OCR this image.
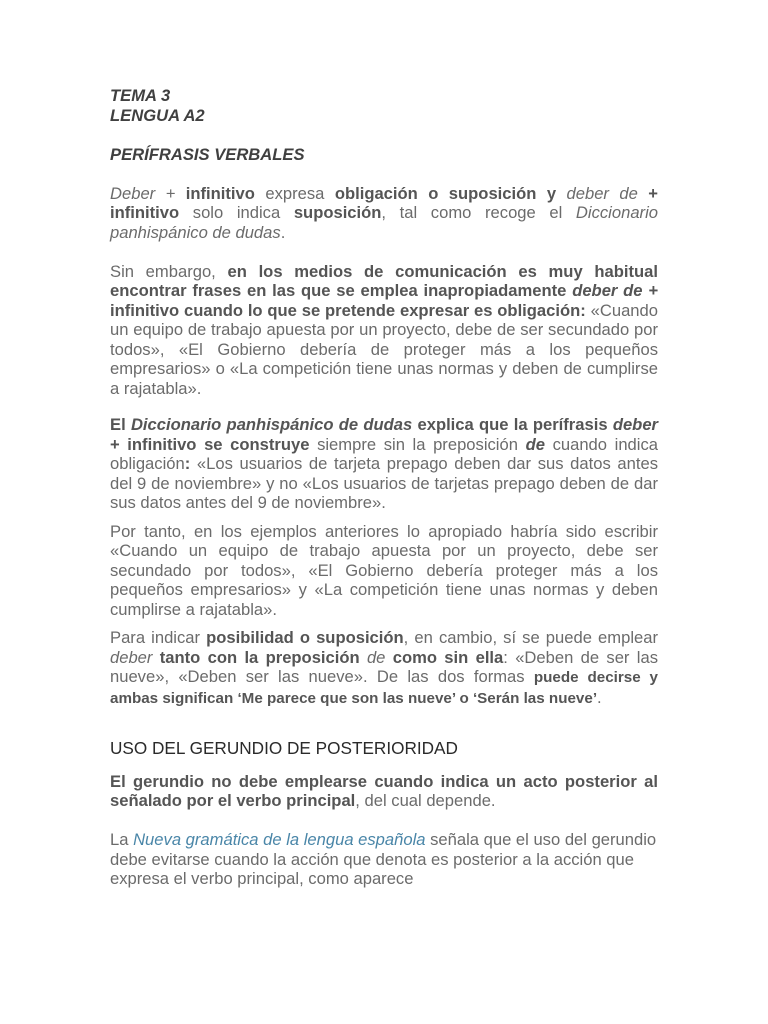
TEMA 3

LENGUA A2

PERÍFRASIS VERBALES

Deber + infinitivo expresa obligación o suposición y deber de + infinitivo solo indica suposición, tal como recoge el Diccionario panhispánico de dudas.

Sin embargo, en los medios de comunicación es muy habitual encontrar frases en las que se emplea inapropiadamente deber de + infinitivo cuando lo que se pretende expresar es obligación: «Cuando un equipo de trabajo apuesta por un proyecto, debe de ser secundado por todos», «El Gobierno debería de proteger más a los pequeños empresarios» o «La competición tiene unas normas y deben de cumplirse a rajatabla».

El Diccionario panhispánico de dudas explica que la perífrasis deber + infinitivo se construye siempre sin la preposición de cuando indica obligación: «Los usuarios de tarjeta prepago deben dar sus datos antes del 9 de noviembre» y no «Los usuarios de tarjetas prepago deben de dar sus datos antes del 9 de noviembre».

Por tanto, en los ejemplos anteriores lo apropiado habría sido escribir «Cuando un equipo de trabajo apuesta por un proyecto, debe ser secundado por todos», «El Gobierno debería proteger más a los pequeños empresarios» y «La competición tiene unas normas y deben cumplirse a rajatabla».

Para indicar posibilidad o suposición, en cambio, sí se puede emplear deber tanto con la preposición de como sin ella: «Deben de ser las nueve», «Deben ser las nueve». De las dos formas puede decirse y ambas significan ‘Me parece que son las nueve’ o ‘Serán las nueve’.

USO DEL GERUNDIO DE POSTERIORIDAD

El gerundio no debe emplearse cuando indica un acto posterior al señalado por el verbo principal, del cual depende.

La Nueva gramática de la lengua española señala que el uso del gerundio debe evitarse cuando la acción que denota es posterior a la acción que expresa el verbo principal, como aparece
